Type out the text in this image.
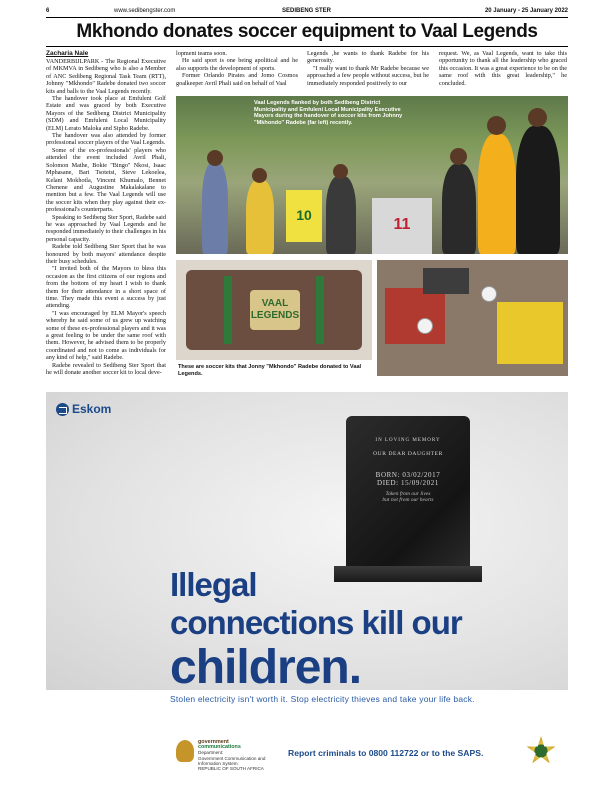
6	www.sedibengster.com	SEDIBENG STER	20 January - 25 January 2022
Mkhondo donates soccer equipment to Vaal Legends
Zacharia Nale

VANDERBIJLPARK - The Regional Executive of MKMVA in Sedibeng who is also a Member of ANC Sedibeng Regional Task Team (RTT), Johnny "Mkhondo" Radebe donated two soccer kits and balls to the Vaal Legends recently.

The handover took place at Emfuleni Golf Estate and was graced by both Executive Mayors of the Sedibeng District Municipality (SDM) and Emfuleni Local Municipality (ELM) Lerato Maloka and Sipho Radebe.

The handover was also attended by former professional soccer players of the Vaal Legends.

Some of the ex-professionals' players who attended the event included Avril Phali, Solomon Mathe, Bokie "Bingo" Nkosi, Isaac Mphasane, Bari Tsotetsi, Steve Lekoelea, Kelani Mokhotla, Vincent Khumalo, Bennet Chenene and Augustine Makalakalane to mention but a few. The Vaal Legends will use the soccer kits when they play against their ex-professional's counterparts.

Speaking to Sedibeng Ster Sport, Radebe said he was approached by Vaal Legends and he responded immediately to their challenges in his personal capacity.

Radebe told Sedibeng Ster Sport that he was honoured by both mayors' attendance despite their busy schedules.

"I invited both of the Mayors to bless this occasion as the first citizens of our regions and from the bottom of my heart I wish to thank them for their attendance in a short space of time. They made this event a success by just attending.

"I was encouraged by ELM Mayor's speech whereby he said some of us grew up watching some of these ex-professional players and it was a great feeling to be under the same roof with them. However, he advised them to be properly coordinated and not to come as individuals for any kind of help," said Radebe.

Radebe revealed to Sedibeng Ster Sport that he will donate another soccer kit to local deve-

lopment teams soon.

He said sport is one being apolitical and he also supports the development of sports.

Former Orlando Pirates and Jomo Cosmos goalkeeper Avril Phali said on behalf of Vaal

Legends ,he wants to thank Radebe for his generosity.

"I really want to thank Mr Radebe because we approached a few people without success, but he immediately responded positively to our

request. We, as Vaal Legends, want to take this opportunity to thank all the leadership who graced this occasion. It was a great experience to be on the same roof with this great leadership," he concluded.

Vaal Legends flanked by both Sedibeng District Municipality and Emfuleni Local Municipality Executive Mayors during the handover of soccer kits from Johnny "Mkhondo" Radebe (far left) recently.
10
11
VAAL LEGENDS
These are soccer kits that Jonny "Mkhondo" Radebe donated to Vaal Legends.
Eskom
IN LOVING MEMORY
OUR DEAR DAUGHTER
BORN: 03/02/2017
DIED: 15/09/2021
Taken from our lives
but not from our hearts
Illegal
connections kill our
children.
Stolen electricity isn't worth it. Stop electricity thieves and take your life back.
government
communications
Department:
Government Communication and Information System
REPUBLIC OF SOUTH AFRICA
Report criminals to 0800 112722 or to the SAPS.
